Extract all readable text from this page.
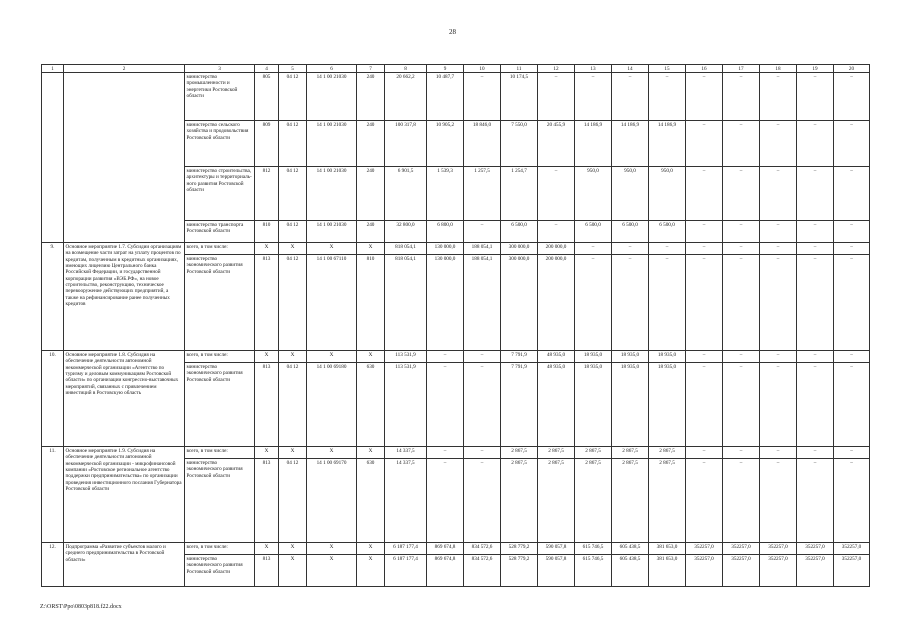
28
1	2	3	4	5	6	7	8	9	10	11	12	13	14	15	16	17	18	19	20
		министерство промышленности и энергетики Ростовской области	805	04 12	14 1 00 21030	240	20 662,2	10 487,7	–	10 174,5	–	–	–	–	–	–	–	–	–
		министерство сельского хозяйства и продовольствия Ростовской области	809	04 12	14 1 00 21030	240	100 317,8	10 905,2	18 846,0	7 550,0	20 455,9	14 186,9	14 186,9	14 186,9	–	–	–	–	–
		министерство строительства, архитектуры и территориаль-ного развития Ростовской области	812	04 12	14 1 00 21030	240	6 901,5	1 539,3	1 257,5	1 254,7	–	950,0	950,0	950,0	–	–	–	–	–
		министерство транспорта Ростовской области	810	04 12	14 1 00 21030	240	32 800,0	6 800,0	–	6 500,0	–	6 500,0	6 500,0	6 500,0	–	–	–	–	–
9.	Основное мероприятие 1.7. Субсидии организациям на возмещение части затрат на уплату процентов по кредитам, полученным в кредитных организациях, имеющих лицензию Центрального банка Российской Федерации, и государственной корпорации развития «ВЭБ.РФ», на новое строительство, реконструкцию, техническое перевооружение действующих предприятий, а также на рефинансирование ранее полученных кредитов	всего, в том числе:	X	X	X	X	818 054,1	130 000,0	188 054,1	300 000,0	200 000,0	–	–	–	–	–	–	–	–
		министерство экономического развития Ростовской области	813	04 12	14 1 00 67110	810	818 054,1	130 000,0	188 054,1	300 000,0	200 000,0	–	–	–	–	–	–	–	–
10.	Основное мероприятие 1.8. Субсидия на обеспечение деятельности автономной некоммерческой организации «Агентство по туризму и деловым коммуникациям Ростовской области» по организации конгрессно-выставочных мероприятий, связанных с привлечением инвестиций в Ростовскую область	всего, в том числе:	X	X	X	X	113 531,9	–	–	7 791,9	48 935,0	18 935,0	18 935,0	18 935,0	–	–	–	–	–
		министерство экономического развития Ростовской области	813	04 12	14 1 00 69180	630	113 531,9	–	–	7 791,9	48 935,0	18 935,0	18 935,0	18 935,0	–	–	–	–	–
11.	Основное мероприятие 1.9. Субсидия на обеспечение деятельности автономной некоммерческой организации - микрофинансовой компании «Ростовское региональное агентство поддержки предпринимательства» по организации проведения инвестиционного послания Губернатора Ростовской области	всего, в том числе:	X	X	X	X	14 337,5	–	–	2 867,5	2 867,5	2 867,5	2 867,5	2 867,5	–	–	–	–	–
		министерство экономического развития Ростовской области	813	04 12	14 1 00 69170	630	14 337,5	–	–	2 867,5	2 867,5	2 867,5	2 867,5	2 867,5	–	–	–	–	–
12.	Подпрограмма «Развитие субъектов малого и среднего предпринимательства в Ростовской области»	всего, в том числе:	X	X	X	X	6 187 177,4	869 674,8	834 572,6	528 779,2	590 057,8	615 746,5	605 438,5	381 653,0	352257,0	352257,0	352257,0	352257,0	352257,0
		министерство экономического развития Ростовской области	813	X	X	X	6 187 177,4	869 674,8	834 572,6	528 779,2	590 057,8	615 746,5	605 438,5	381 653,0	352257,0	352257,0	352257,0	352257,0	352257,0
Z:\ORST\Ppo\0803p818.f22.docx
